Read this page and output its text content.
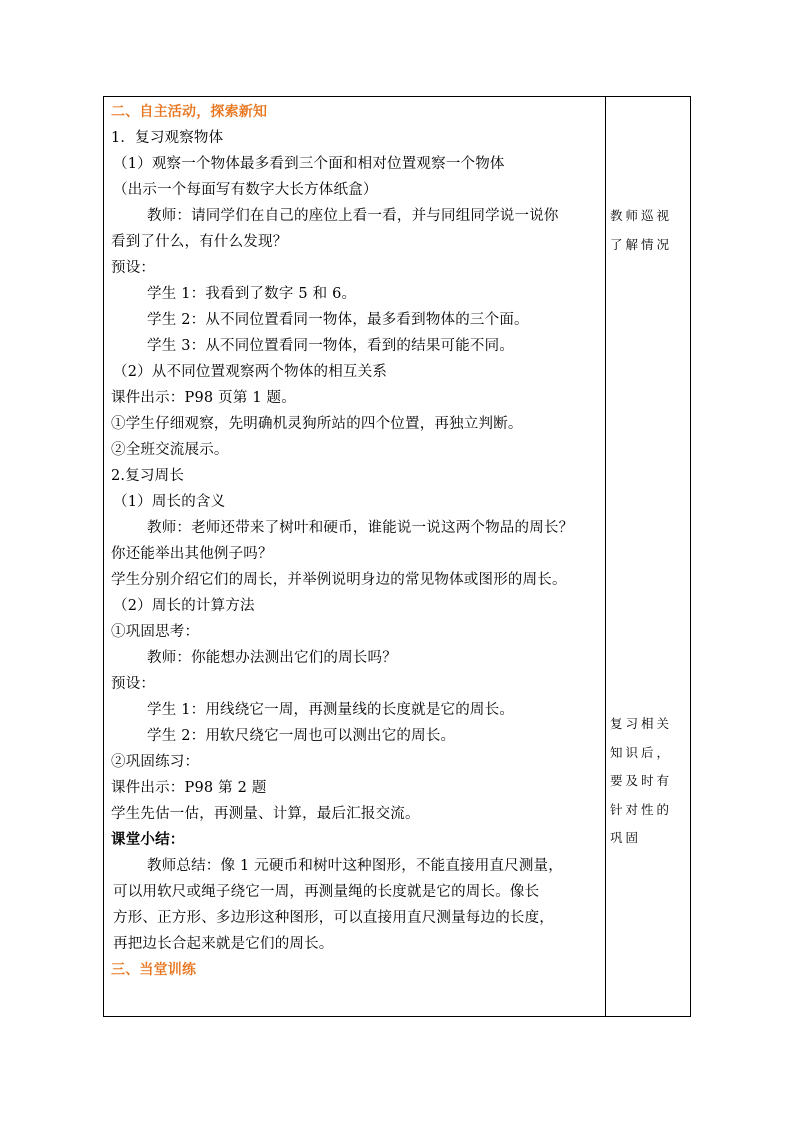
二、自主活动，探索新知
1．复习观察物体
（1）观察一个物体最多看到三个面和相对位置观察一个物体
（出示一个每面写有数字大长方体纸盒）
教师：请同学们在自己的座位上看一看，并与同组同学说一说你
看到了什么，有什么发现？
预设：
学生 1：我看到了数字 5 和 6。
学生 2：从不同位置看同一物体，最多看到物体的三个面。
学生 3：从不同位置看同一物体，看到的结果可能不同。
（2）从不同位置观察两个物体的相互关系
课件出示：P98 页第 1 题。
①学生仔细观察，先明确机灵狗所站的四个位置，再独立判断。
②全班交流展示。
2.复习周长
（1）周长的含义
教师：老师还带来了树叶和硬币，谁能说一说这两个物品的周长？
你还能举出其他例子吗？
学生分别介绍它们的周长，并举例说明身边的常见物体或图形的周长。
（2）周长的计算方法
①巩固思考：
教师：你能想办法测出它们的周长吗？
预设：
学生 1：用线绕它一周，再测量线的长度就是它的周长。
学生 2：用软尺绕它一周也可以测出它的周长。
②巩固练习：
课件出示：P98 第 2 题
学生先估一估，再测量、计算，最后汇报交流。
课堂小结：
教师总结：像 1 元硬币和树叶这种图形，不能直接用直尺测量，
可以用软尺或绳子绕它一周，再测量绳的长度就是它的周长。像长
方形、正方形、多边形这种图形，可以直接用直尺测量每边的长度，
再把边长合起来就是它们的周长。
三、当堂训练
教师巡视
了解情况
复习相关
知识后，
要及时有
针对性的
巩固
